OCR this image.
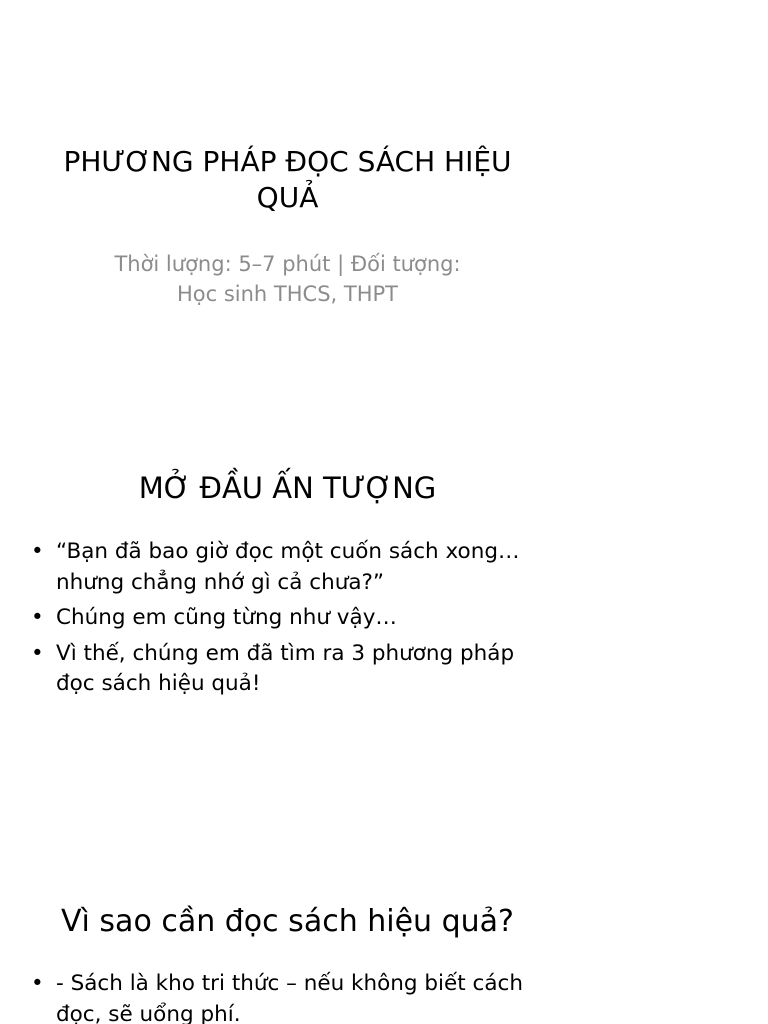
PHƯƠNG PHÁP ĐỌC SÁCH HIỆU QUẢ

Thời lượng: 5–7 phút | Đối tượng: Học sinh THCS, THPT

MỞ ĐẦU ẤN TƯỢNG
• “Bạn đã bao giờ đọc một cuốn sách xong… nhưng chẳng nhớ gì cả chưa?”
• Chúng em cũng từng như vậy…
• Vì thế, chúng em đã tìm ra 3 phương pháp đọc sách hiệu quả!
Vì sao cần đọc sách hiệu quả?
• - Sách là kho tri thức – nếu không biết cách đọc, sẽ uổng phí.
